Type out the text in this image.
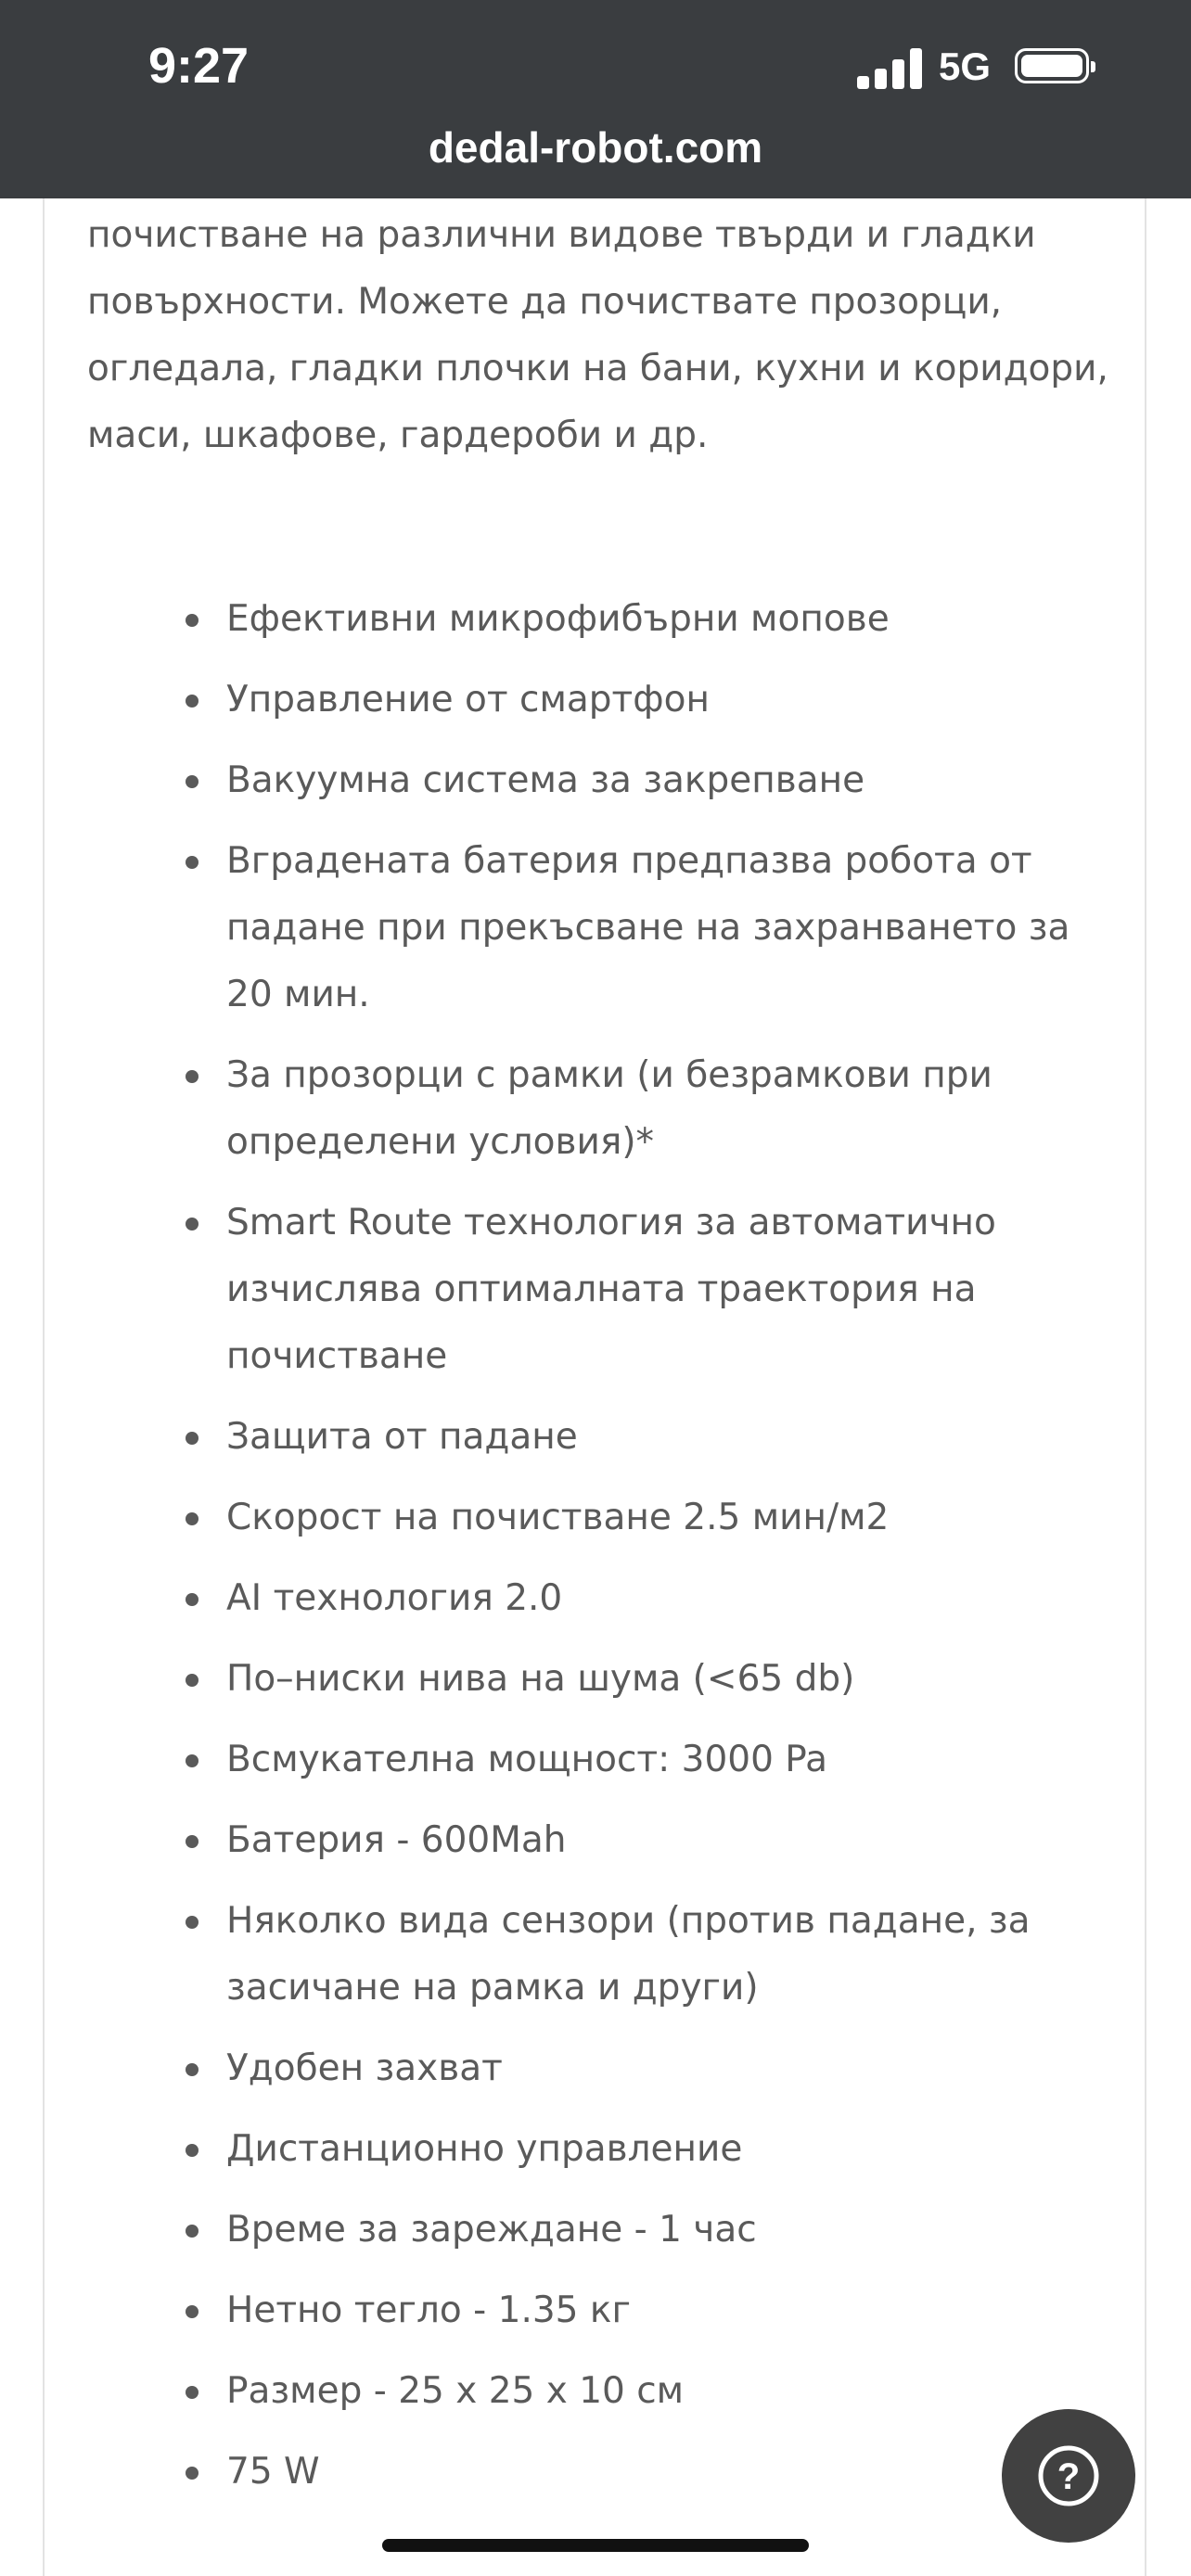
9:27	5G
dedal-robot.com

почистване на различни видове твърди и гладки повърхности. Можете да почиствате прозорци, огледала, гладки плочки на бани, кухни и коридори, маси, шкафове, гардероби и др.

Ефективни микрофибърни мопове
Управление от смартфон
Вакуумна система за закрепване
Вградената батерия предпазва робота от падане при прекъсване на захранването за 20 мин.
За прозорци с рамки (и безрамкови при определени условия)*
Smart Route технология за автоматично изчислява оптималната траектория на почистване
Защита от падане
Скорост на почистване 2.5 мин/м2
AI технология 2.0
По–ниски нива на шума (<65 db)
Всмукателна мощност: 3000 Pa
Батерия - 600Mah
Няколко вида сензори (против падане, за засичане на рамка и други)
Удобен захват
Дистанционно управление
Време за зареждане - 1 час
Нетно тегло - 1.35 кг
Размер - 25 x 25 x 10 см
75 W	?
